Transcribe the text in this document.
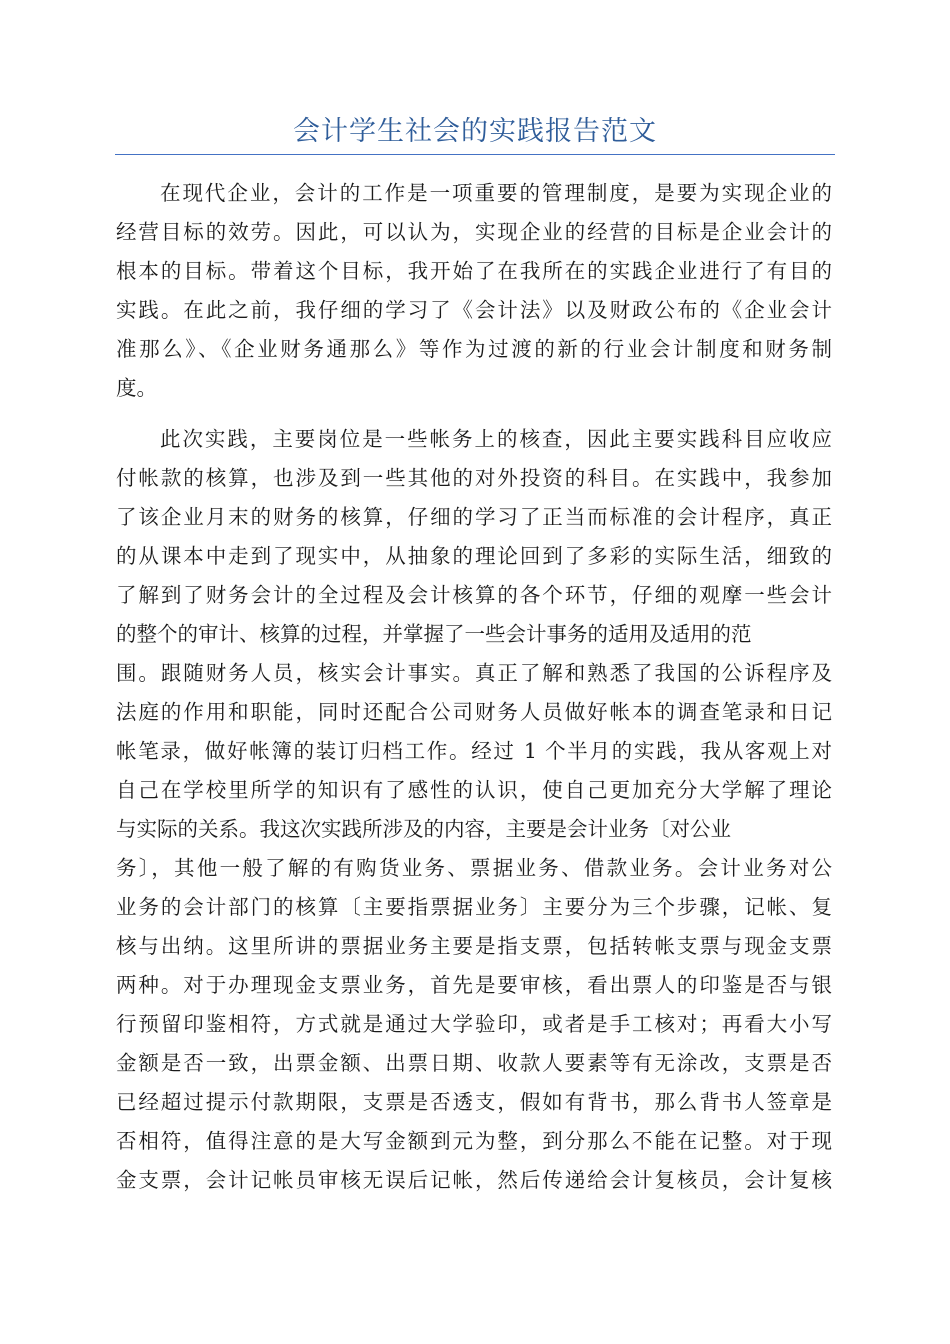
会计学生社会的实践报告范文
在现代企业，会计的工作是一项重要的管理制度，是要为实现企业的
经营目标的效劳。因此，可以认为，实现企业的经营的目标是企业会计的
根本的目标。带着这个目标，我开始了在我所在的实践企业进行了有目的
实践。在此之前，我仔细的学习了《会计法》以及财政公布的《企业会计
准那么》、《企业财务通那么》等作为过渡的新的行业会计制度和财务制
度。
此次实践，主要岗位是一些帐务上的核查，因此主要实践科目应收应
付帐款的核算，也涉及到一些其他的对外投资的科目。在实践中，我参加
了该企业月末的财务的核算，仔细的学习了正当而标准的会计程序，真正
的从课本中走到了现实中，从抽象的理论回到了多彩的实际生活，细致的
了解到了财务会计的全过程及会计核算的各个环节，仔细的观摩一些会计
的整个的审计、核算的过程，并掌握了一些会计事务的适用及适用的范
围。跟随财务人员，核实会计事实。真正了解和熟悉了我国的公诉程序及
法庭的作用和职能，同时还配合公司财务人员做好帐本的调查笔录和日记
帐笔录，做好帐簿的装订归档工作。经过 1 个半月的实践，我从客观上对
自己在学校里所学的知识有了感性的认识，使自己更加充分大学解了理论
与实际的关系。我这次实践所涉及的内容，主要是会计业务〔对公业
务〕，其他一般了解的有购货业务、票据业务、借款业务。会计业务对公
业务的会计部门的核算〔主要指票据业务〕主要分为三个步骤，记帐、复
核与出纳。这里所讲的票据业务主要是指支票，包括转帐支票与现金支票
两种。对于办理现金支票业务，首先是要审核，看出票人的印鉴是否与银
行预留印鉴相符，方式就是通过大学验印，或者是手工核对；再看大小写
金额是否一致，出票金额、出票日期、收款人要素等有无涂改，支票是否
已经超过提示付款期限，支票是否透支，假如有背书，那么背书人签章是
否相符，值得注意的是大写金额到元为整，到分那么不能在记整。对于现
金支票，会计记帐员审核无误后记帐，然后传递给会计复核员，会计复核
